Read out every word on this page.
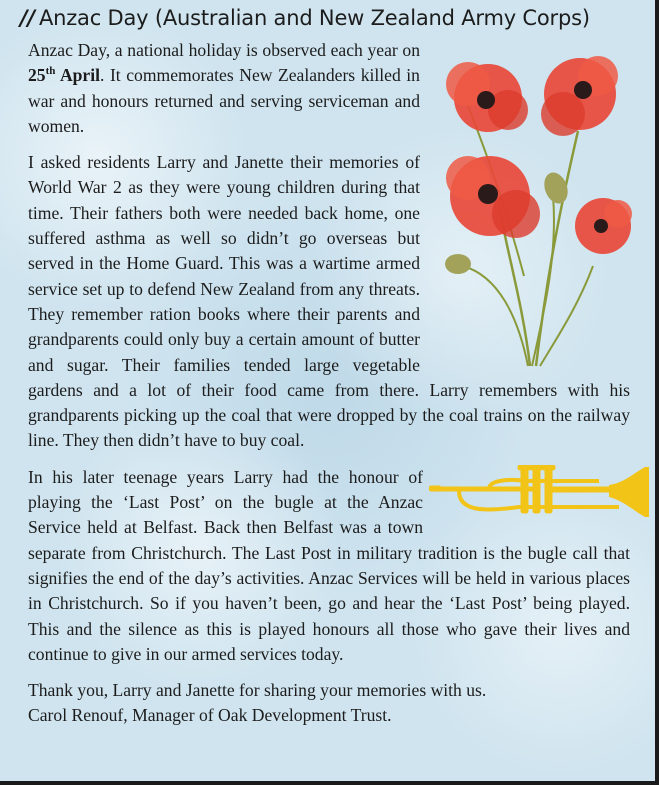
// Anzac Day (Australian and New Zealand Army Corps)

Anzac Day, a national holiday is observed each year on 25th April. It commemorates New Zealanders killed in war and honours returned and serving serviceman and women.

I asked residents Larry and Janette their memories of World War 2 as they were young children during that time. Their fathers both were needed back home, one suffered asthma as well so didn’t go overseas but served in the Home Guard. This was a wartime armed service set up to defend New Zealand from any threats. They remember ration books where their parents and grandparents could only buy a certain amount of butter and sugar. Their families tended large vegetable gardens and a lot of their food came from there. Larry remembers with his grandparents picking up the coal that were dropped by the coal trains on the railway line. They then didn’t have to buy coal.

In his later teenage years Larry had the honour of playing the ‘Last Post’ on the bugle at the Anzac Service held at Belfast. Back then Belfast was a town separate from Christchurch. The Last Post in military tradition is the bugle call that signifies the end of the day’s activities. Anzac Services will be held in various places in Christchurch. So if you haven’t been, go and hear the ‘Last Post’ being played. This and the silence as this is played honours all those who gave their lives and continue to give in our armed services today.

Thank you, Larry and Janette for sharing your memories with us.

Carol Renouf, Manager of Oak Development Trust.
